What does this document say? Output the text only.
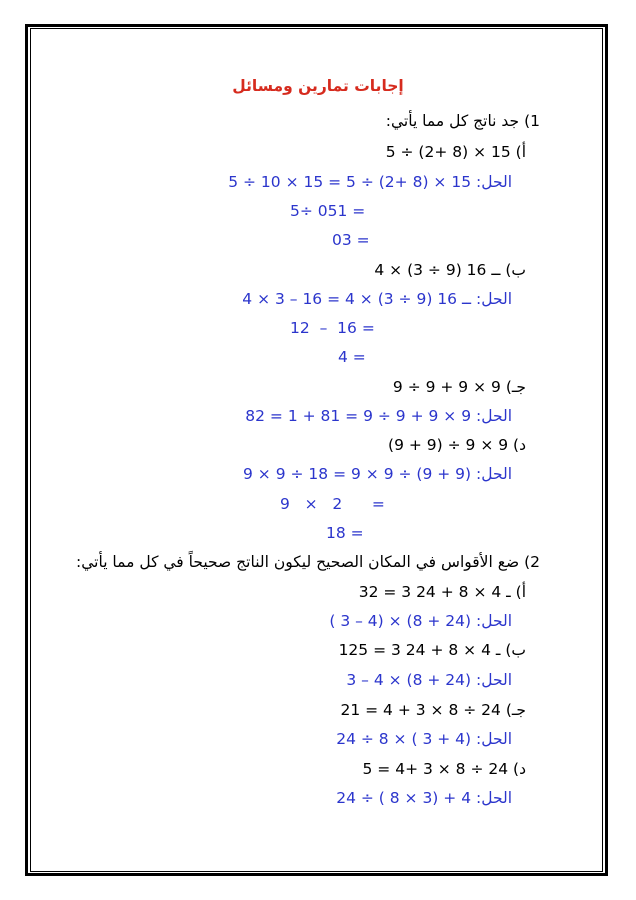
إجابات تمارين ومسائل
1) جد ناتج كل مما يأتي:
أ) 5 ÷ (2+ 8) × 15
الحل: 5 ÷ 10 × 15 = 5 ÷ (2+ 8) × 15
= 150 ÷5
= 30
ب) 4 × (3 ÷ 9) ــ 16
الحل: 4 × 3 – 16 = 4 × (3 ÷ 9) ــ 16
12  –  16 =
4 =
جـ) 9 ÷ 9 + 9 × 9
الحل: 82 = 1 + 81 = 9 ÷ 9 + 9 × 9
د) (9 + 9) ÷ 9 × 9
الحل: 9 × 9 ÷ 18 = 9 × 9 ÷ (9 + 9)
9   ×   2      =
18 =
2) ضع الأقواس في المكان الصحيح ليكون الناتج صحيحاً في كل مما يأتي:
أ) 32 = 3 ـ 4 × 8 + 24
الحل: ( 3 – 4) × (8 + 24)
ب) 125 = 3 ـ 4 × 8 + 24
الحل: 3 – 4 × (8 + 24)
جـ) 21 = 4 + 3 × 8 ÷ 24
الحل: 24 ÷ 8 × ( 3 + 4)
د) 5 = 4+ 3 × 8 ÷ 24
الحل: 24 ÷ ( 8 × 3) + 4
